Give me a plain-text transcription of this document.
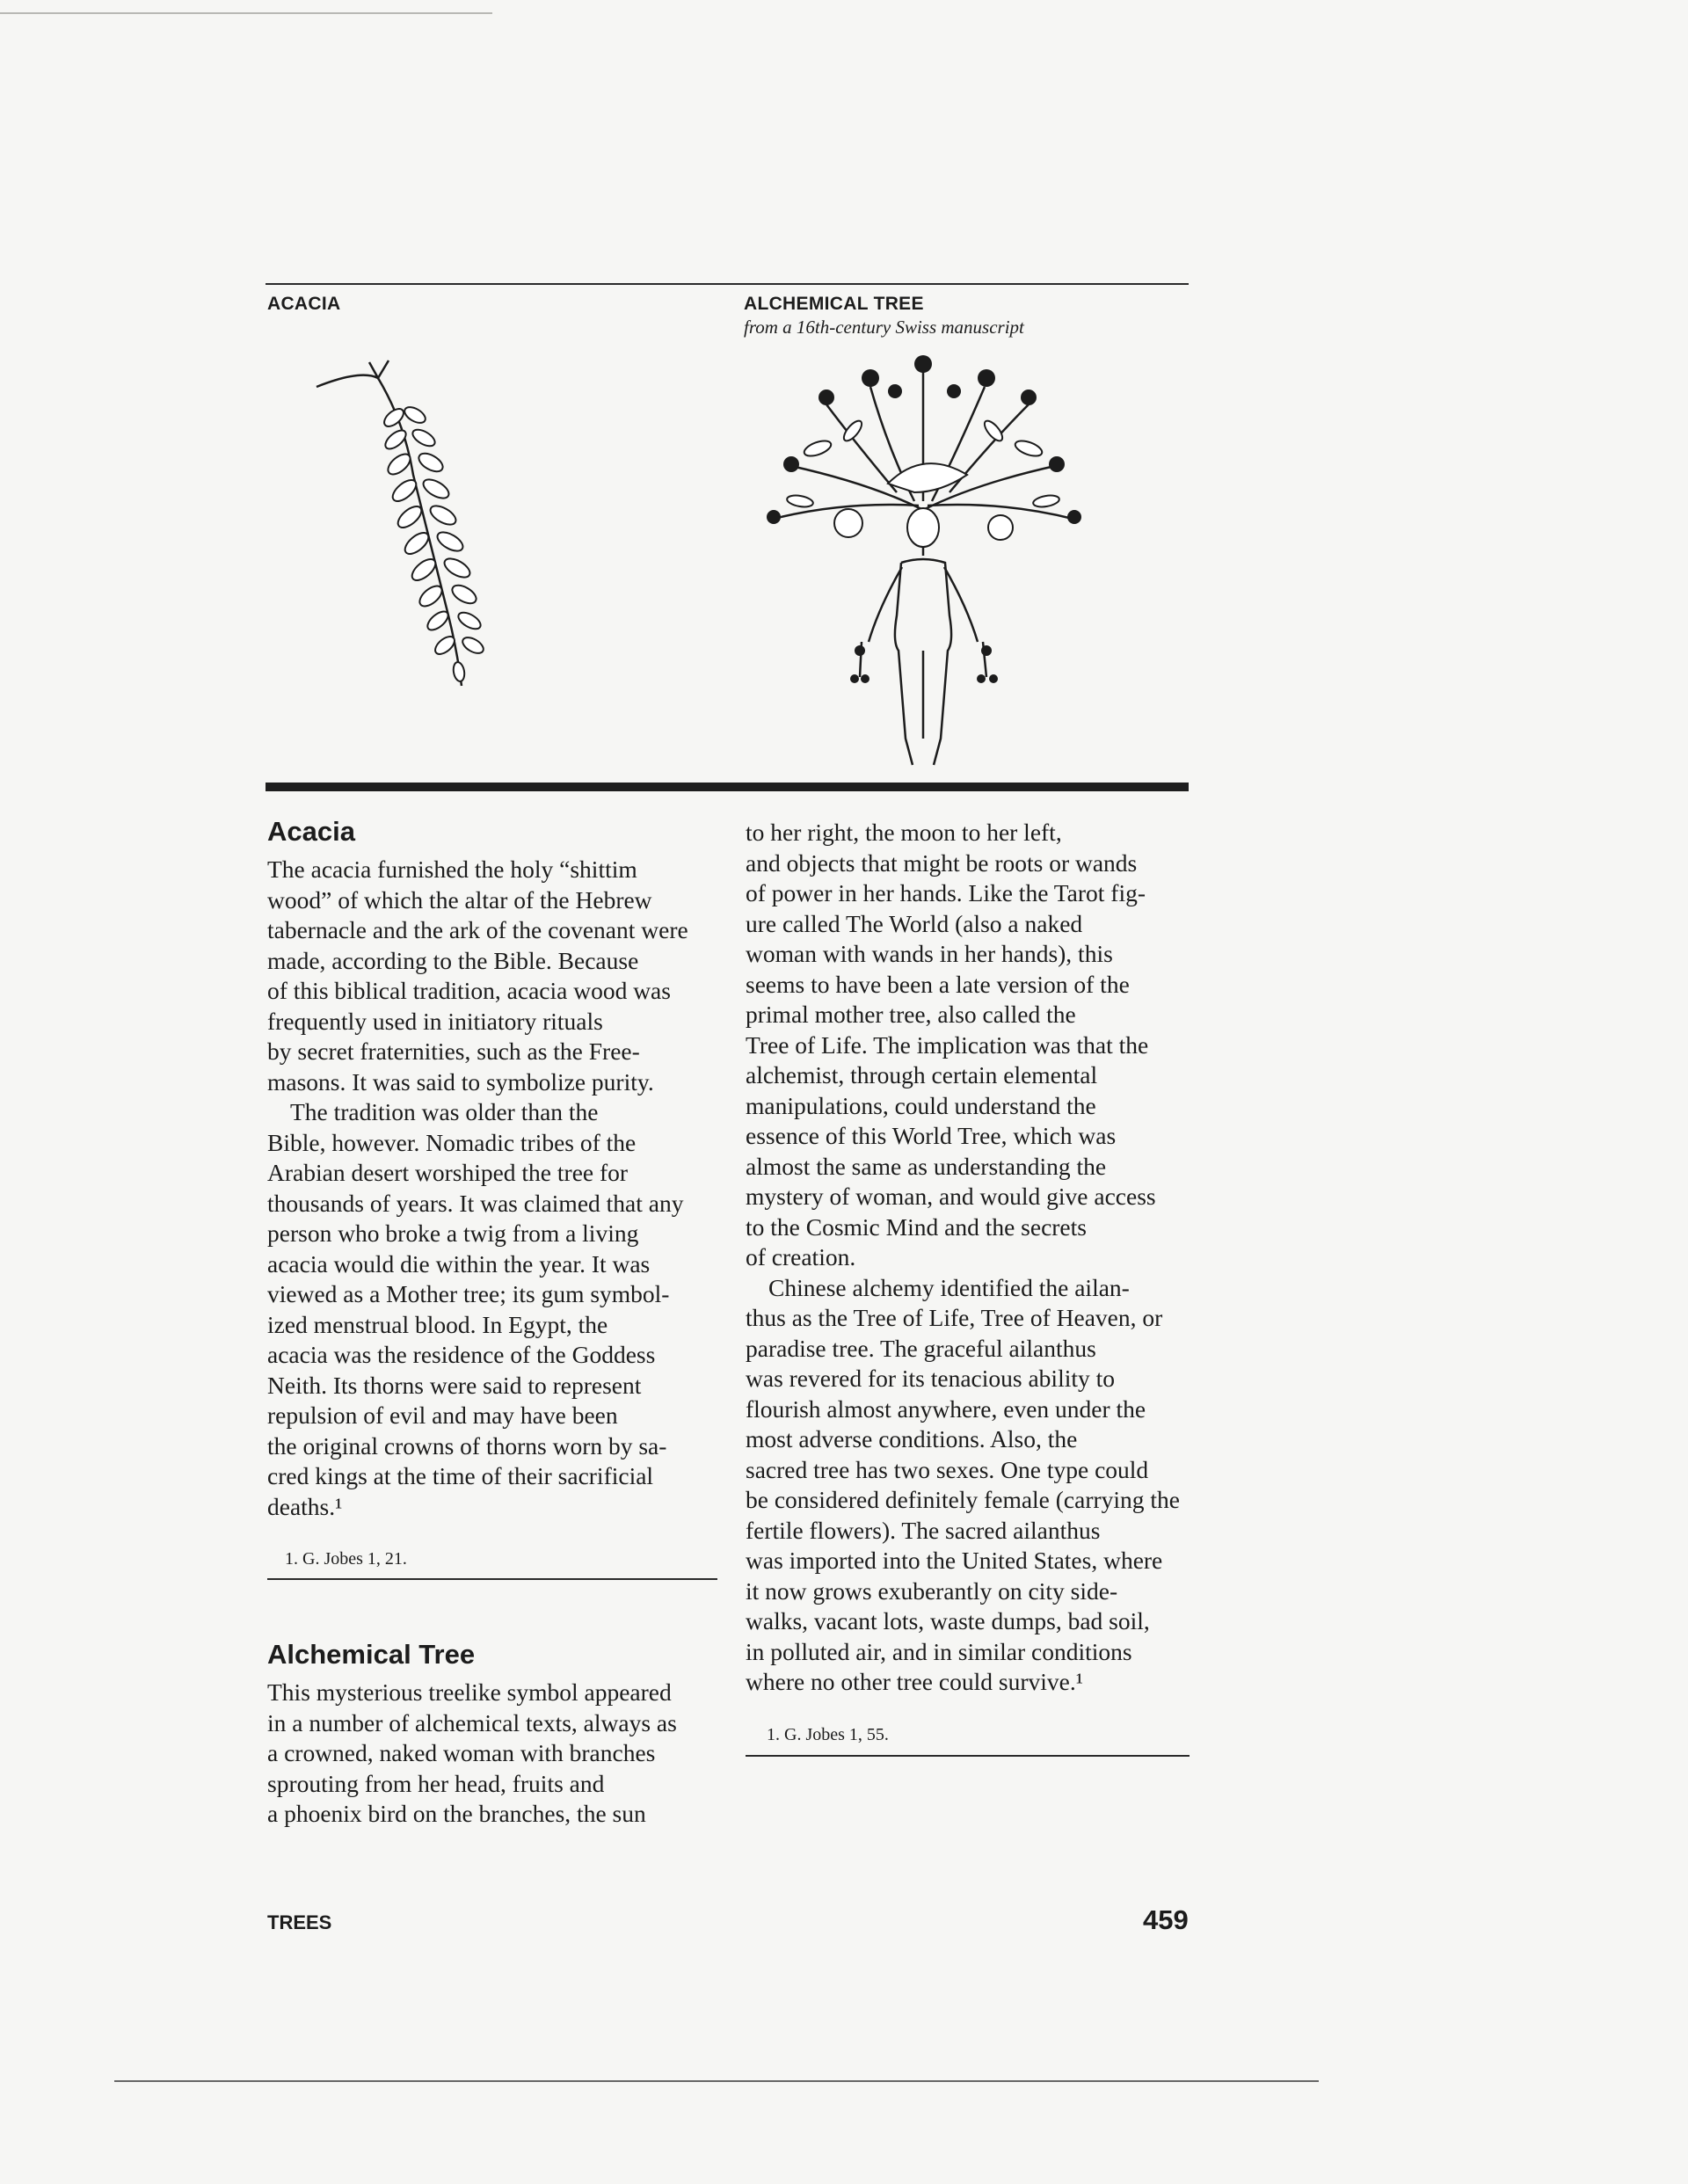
ACACIA	ALCHEMICAL TREE
from a 16th-century Swiss manuscript
Acacia

The acacia furnished the holy “shittim
wood” of which the altar of the Hebrew
tabernacle and the ark of the covenant were
made, according to the Bible. Because
of this biblical tradition, acacia wood was
frequently used in initiatory rituals
by secret fraternities, such as the Free-
masons. It was said to symbolize purity.

The tradition was older than the
Bible, however. Nomadic tribes of the
Arabian desert worshiped the tree for
thousands of years. It was claimed that any
person who broke a twig from a living
acacia would die within the year. It was
viewed as a Mother tree; its gum symbol-
ized menstrual blood. In Egypt, the
acacia was the residence of the Goddess
Neith. Its thorns were said to represent
repulsion of evil and may have been
the original crowns of thorns worn by sa-
cred kings at the time of their sacrificial
deaths.¹

1. G. Jobes 1, 21.
Alchemical Tree

This mysterious treelike symbol appeared
in a number of alchemical texts, always as
a crowned, naked woman with branches
sprouting from her head, fruits and
a phoenix bird on the branches, the sun

to her right, the moon to her left,
and objects that might be roots or wands
of power in her hands. Like the Tarot fig-
ure called The World (also a naked
woman with wands in her hands), this
seems to have been a late version of the
primal mother tree, also called the
Tree of Life. The implication was that the
alchemist, through certain elemental
manipulations, could understand the
essence of this World Tree, which was
almost the same as understanding the
mystery of woman, and would give access
to the Cosmic Mind and the secrets
of creation.

Chinese alchemy identified the ailan-
thus as the Tree of Life, Tree of Heaven, or
paradise tree. The graceful ailanthus
was revered for its tenacious ability to
flourish almost anywhere, even under the
most adverse conditions. Also, the
sacred tree has two sexes. One type could
be considered definitely female (carrying the
fertile flowers). The sacred ailanthus
was imported into the United States, where
it now grows exuberantly on city side-
walks, vacant lots, waste dumps, bad soil,
in polluted air, and in similar conditions
where no other tree could survive.¹

1. G. Jobes 1, 55.
TREES	459
